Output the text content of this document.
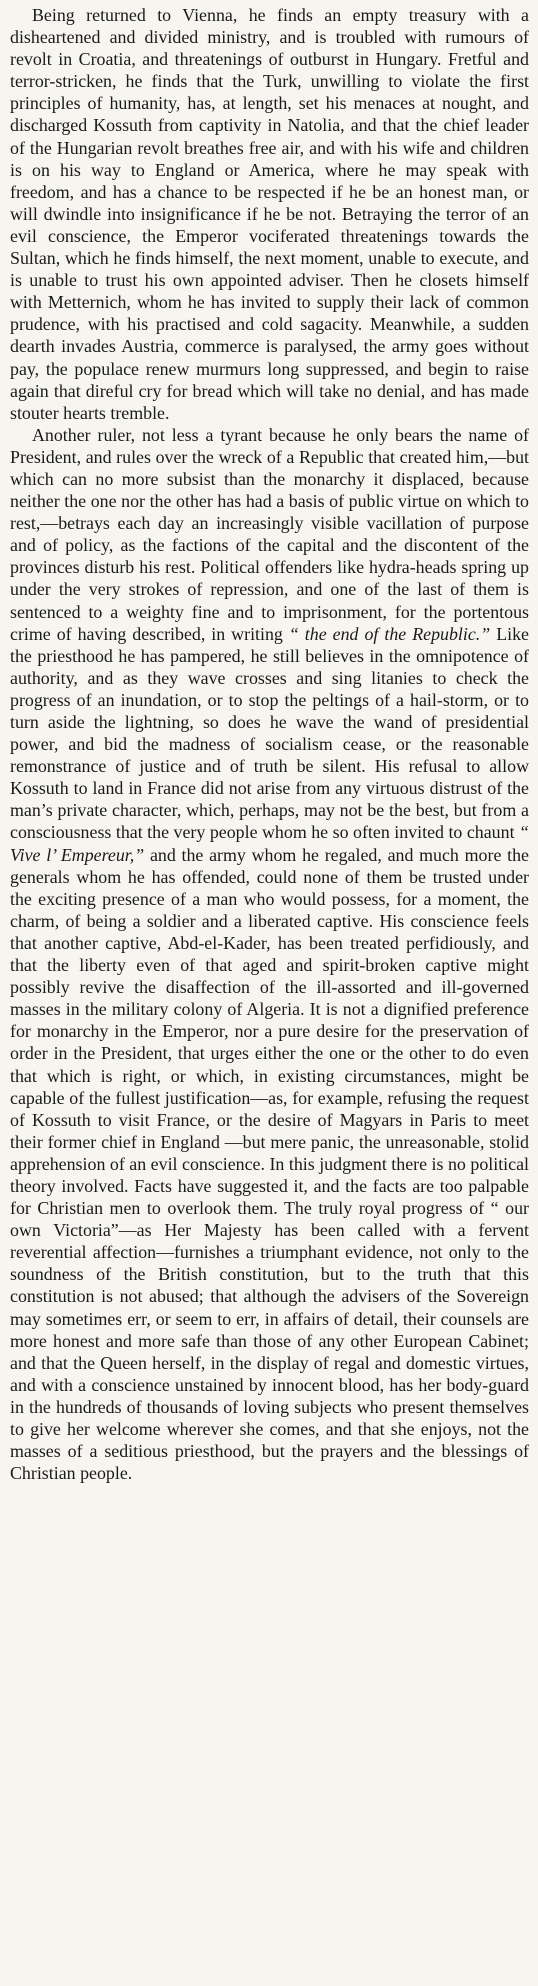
Being returned to Vienna, he finds an empty treasury with a disheartened and divided ministry, and is troubled with rumours of revolt in Croatia, and threatenings of outburst in Hungary. Fretful and terror-stricken, he finds that the Turk, unwilling to violate the first principles of humanity, has, at length, set his menaces at nought, and discharged Kossuth from captivity in Natolia, and that the chief leader of the Hungarian revolt breathes free air, and with his wife and children is on his way to England or America, where he may speak with freedom, and has a chance to be respected if he be an honest man, or will dwindle into insignificance if he be not. Betraying the terror of an evil conscience, the Emperor vociferated threatenings towards the Sultan, which he finds himself, the next moment, unable to execute, and is unable to trust his own appointed adviser. Then he closets himself with Metternich, whom he has invited to supply their lack of common prudence, with his practised and cold sagacity. Meanwhile, a sudden dearth invades Austria, commerce is paralysed, the army goes without pay, the populace renew murmurs long suppressed, and begin to raise again that direful cry for bread which will take no denial, and has made stouter hearts tremble.

Another ruler, not less a tyrant because he only bears the name of President, and rules over the wreck of a Republic that created him,—but which can no more subsist than the monarchy it displaced, because neither the one nor the other has had a basis of public virtue on which to rest,—betrays each day an increasingly visible vacillation of purpose and of policy, as the factions of the capital and the discontent of the provinces disturb his rest. Political offenders like hydra-heads spring up under the very strokes of repression, and one of the last of them is sentenced to a weighty fine and to imprisonment, for the portentous crime of having described, in writing “ the end of the Republic.” Like the priesthood he has pampered, he still believes in the omnipotence of authority, and as they wave crosses and sing litanies to check the progress of an inundation, or to stop the peltings of a hail-storm, or to turn aside the lightning, so does he wave the wand of presidential power, and bid the madness of socialism cease, or the reasonable remonstrance of justice and of truth be silent. His refusal to allow Kossuth to land in France did not arise from any virtuous distrust of the man’s private character, which, perhaps, may not be the best, but from a consciousness that the very people whom he so often invited to chaunt “ Vive l’ Empereur,” and the army whom he regaled, and much more the generals whom he has offended, could none of them be trusted under the exciting presence of a man who would possess, for a moment, the charm, of being a soldier and a liberated captive. His conscience feels that another captive, Abd-el-Kader, has been treated perfidiously, and that the liberty even of that aged and spirit-broken captive might possibly revive the disaffection of the ill-assorted and ill-governed masses in the military colony of Algeria. It is not a dignified preference for monarchy in the Emperor, nor a pure desire for the preservation of order in the President, that urges either the one or the other to do even that which is right, or which, in existing circumstances, might be capable of the fullest justification—as, for example, refusing the request of Kossuth to visit France, or the desire of Magyars in Paris to meet their former chief in England —but mere panic, the unreasonable, stolid apprehension of an evil conscience. In this judgment there is no political theory involved. Facts have suggested it, and the facts are too palpable for Christian men to overlook them. The truly royal progress of “ our own Victoria”—as Her Majesty has been called with a fervent reverential affection—furnishes a triumphant evidence, not only to the soundness of the British constitution, but to the truth that this constitution is not abused; that although the advisers of the Sovereign may sometimes err, or seem to err, in affairs of detail, their counsels are more honest and more safe than those of any other European Cabinet; and that the Queen herself, in the display of regal and domestic virtues, and with a conscience unstained by innocent blood, has her body-guard in the hundreds of thousands of loving subjects who present themselves to give her welcome wherever she comes, and that she enjoys, not the masses of a seditious priesthood, but the prayers and the blessings of Christian people.
